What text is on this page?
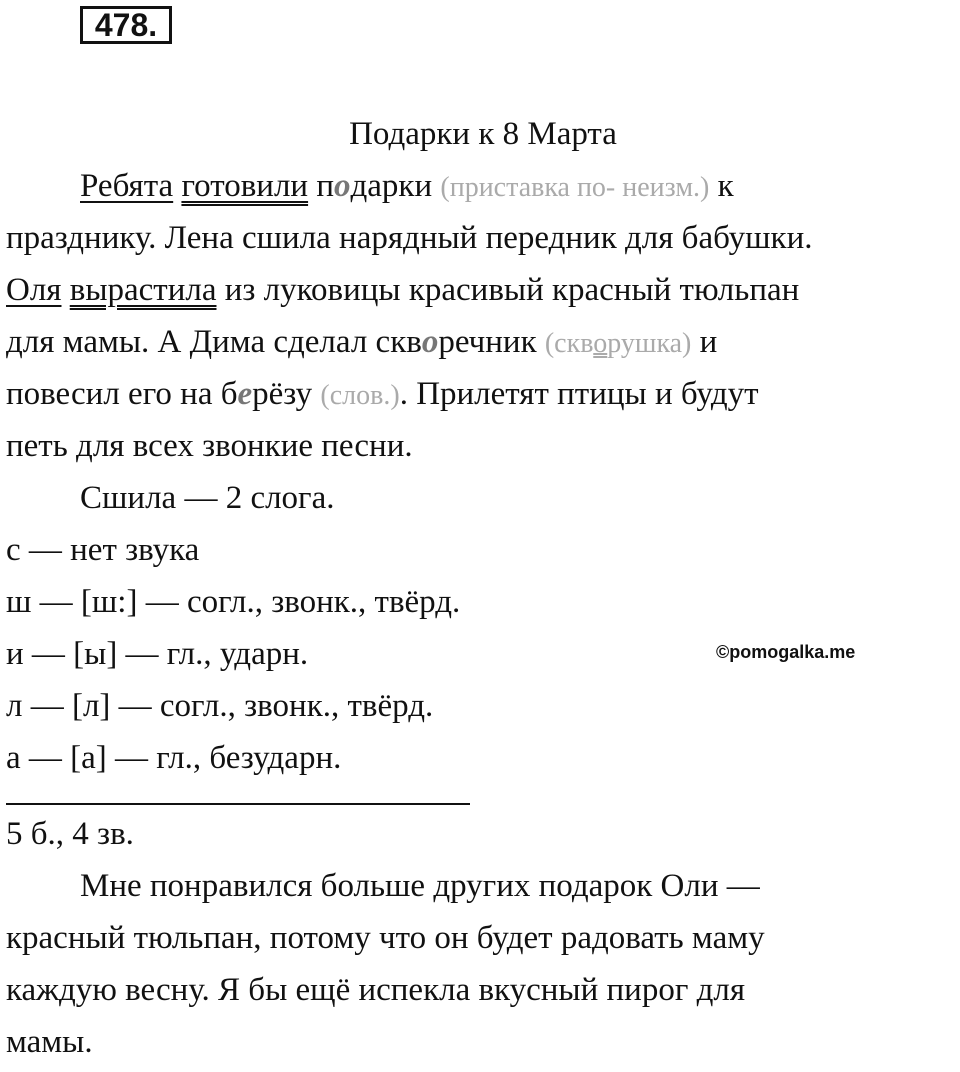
478.
Подарки к 8 Марта
Ребята готовили подарки (приставка по- неизм.) к
празднику. Лена сшила нарядный передник для бабушки.
Оля вырастила из луковицы красивый красный тюльпан
для мамы. А Дима сделал скворечник (скворушка) и
повесил его на берёзу (слов.). Прилетят птицы и будут
петь для всех звонкие песни.
Сшила — 2 слога.
с — нет звука
ш — [ш:] — согл., звонк., твёрд.
и — [ы] — гл., ударн.
л — [л] — согл., звонк., твёрд.
а — [а] — гл., безударн.
5 б., 4 зв.
Мне понравился больше других подарок Оли —
красный тюльпан, потому что он будет радовать маму
каждую весну. Я бы ещё испекла вкусный пирог для
мамы.
©pomogalka.me
